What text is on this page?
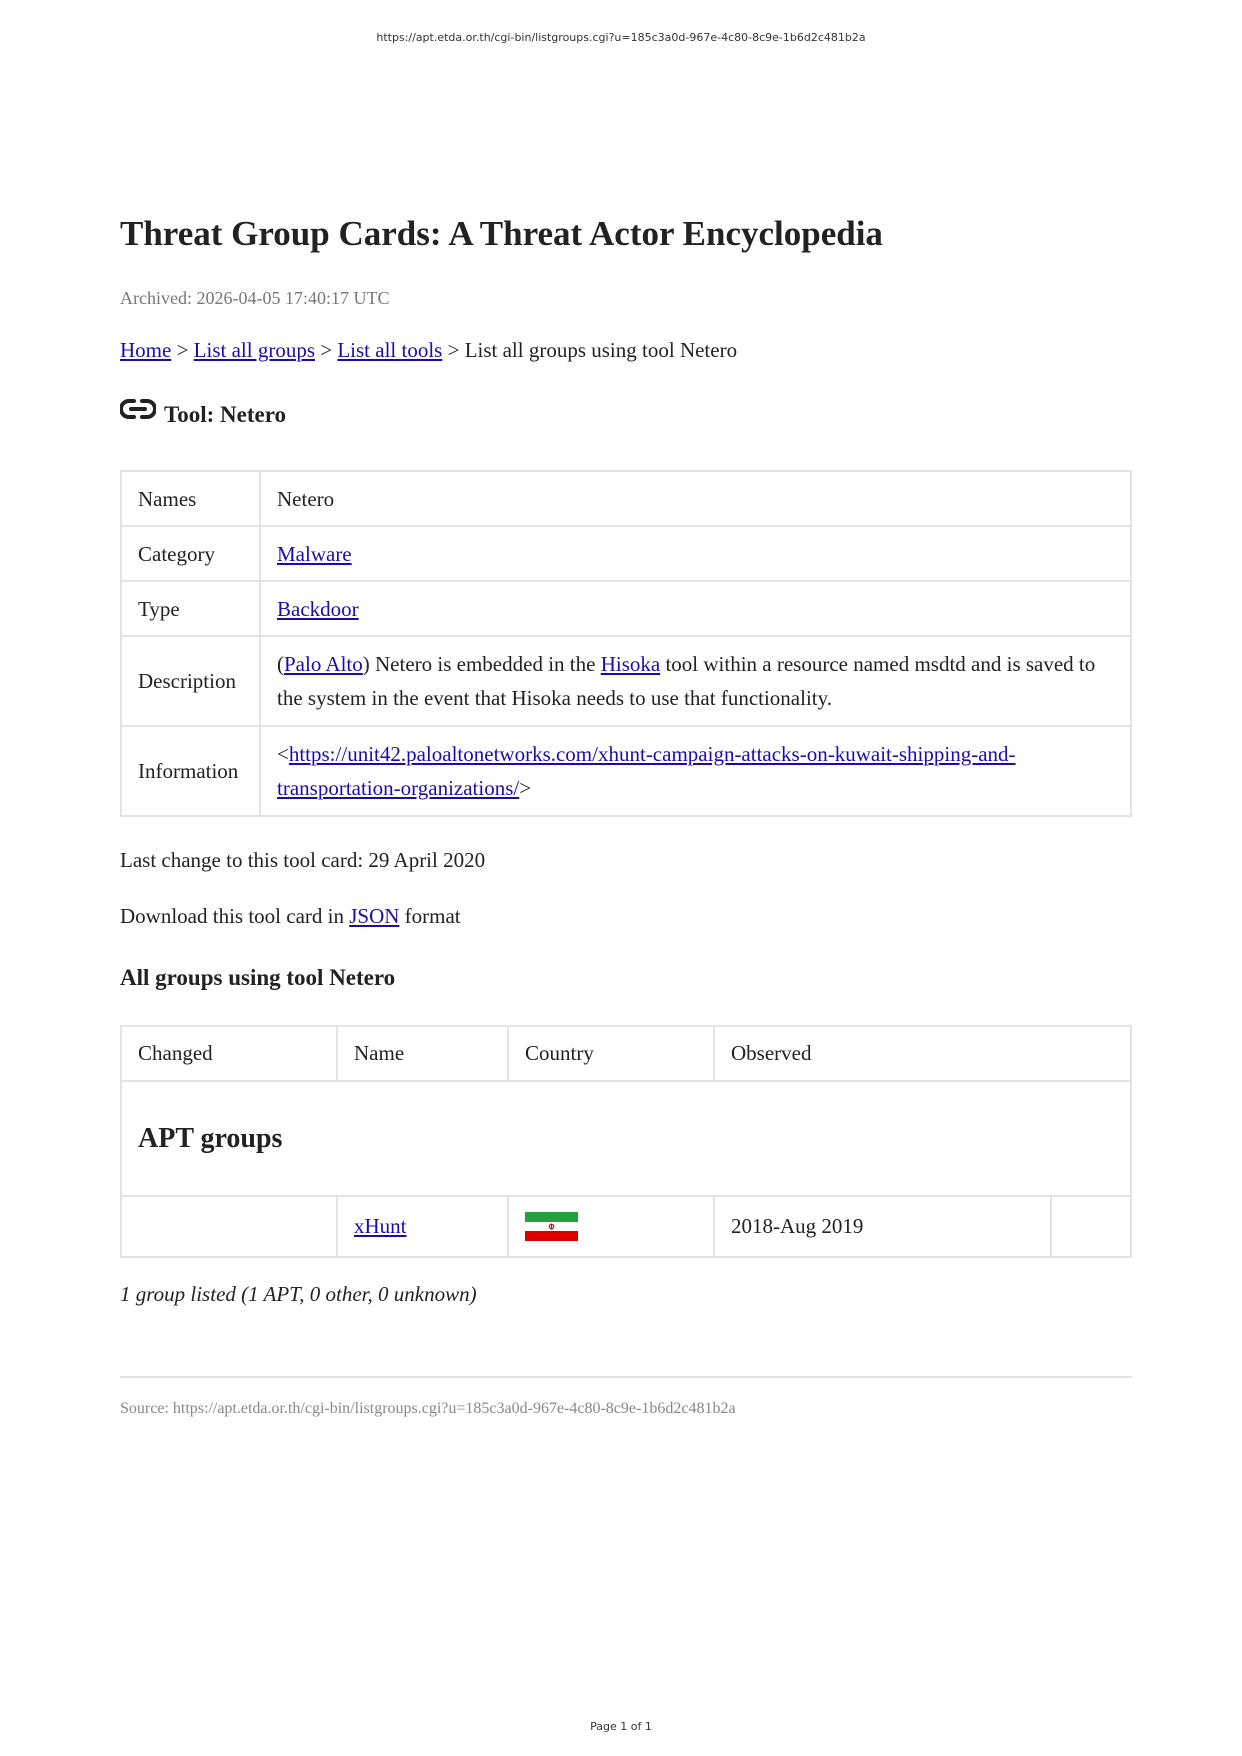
https://apt.etda.or.th/cgi-bin/listgroups.cgi?u=185c3a0d-967e-4c80-8c9e-1b6d2c481b2a
Threat Group Cards: A Threat Actor Encyclopedia
Archived: 2026-04-05 17:40:17 UTC
Home > List all groups > List all tools > List all groups using tool Netero
Tool: Netero
Names	Netero
Category	Malware
Type	Backdoor
Description	(Palo Alto) Netero is embedded in the Hisoka tool within a resource named msdtd and is saved to the system in the event that Hisoka needs to use that functionality.
Information	<https://unit42.paloaltonetworks.com/xhunt-campaign-attacks-on-kuwait-shipping-and-transportation-organizations/>
Last change to this tool card: 29 April 2020
Download this tool card in JSON format
All groups using tool Netero
Changed	Name	Country	Observed	
APT groups				
	xHunt		2018-Aug 2019	
1 group listed (1 APT, 0 other, 0 unknown)
Source: https://apt.etda.or.th/cgi-bin/listgroups.cgi?u=185c3a0d-967e-4c80-8c9e-1b6d2c481b2a
Page 1 of 1
